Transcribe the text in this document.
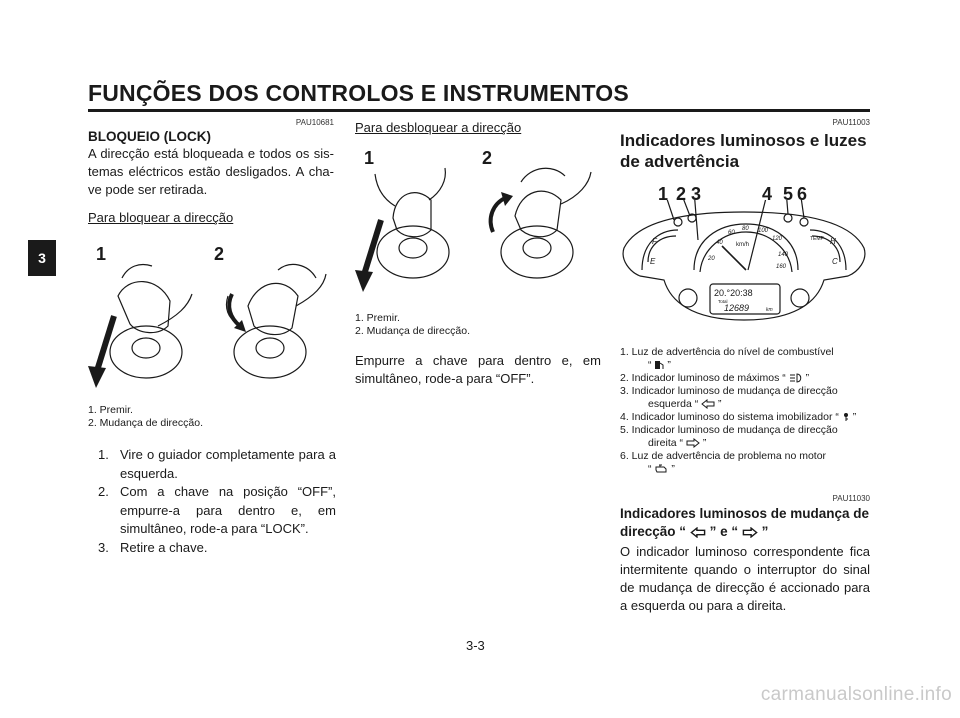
FUNÇÕES DOS CONTROLOS E INSTRUMENTOS
3
PAU10681
BLOQUEIO (LOCK)
A direcção está bloqueada e todos os sis-temas eléctricos estão desligados. A cha-ve pode ser retirada.
Para bloquear a direcção
1	2
1. Premir.
2. Mudança de direcção.
1. Vire o guiador completamente para a esquerda.
2. Com a chave na posição “OFF”, empurre-a para dentro e, em simultâneo, rode-a para “LOCK”.
3. Retire a chave.
Para desbloquear a direcção
1	2
1. Premir.
2. Mudança de direcção.
Empurre a chave para dentro e, em simultâneo, rode-a para “OFF”.
PAU11003
Indicadores luminosos e luzes
de advertência
1 2 3	4 5 6
20
40
60
80 100
120
140
160
km/h
F
E
TEMP H
C
20.°20:38
Total
12689	km
1. Luz de advertência do nível de combustível
“ ”
2. Indicador luminoso de máximos “ ”
3. Indicador luminoso de mudança de direcção
esquerda “ ”
4. Indicador luminoso do sistema imobilizador “ ”
5. Indicador luminoso de mudança de direcção
direita “ ”
6. Luz de advertência de problema no motor
“ ”
PAU11030
Indicadores luminosos de mudança de
direcção “ ” e “ ”
O indicador luminoso correspondente fica intermitente quando o interruptor do sinal de mudança de direcção é accionado para a esquerda ou para a direita.
3-3
carmanualsonline.info
